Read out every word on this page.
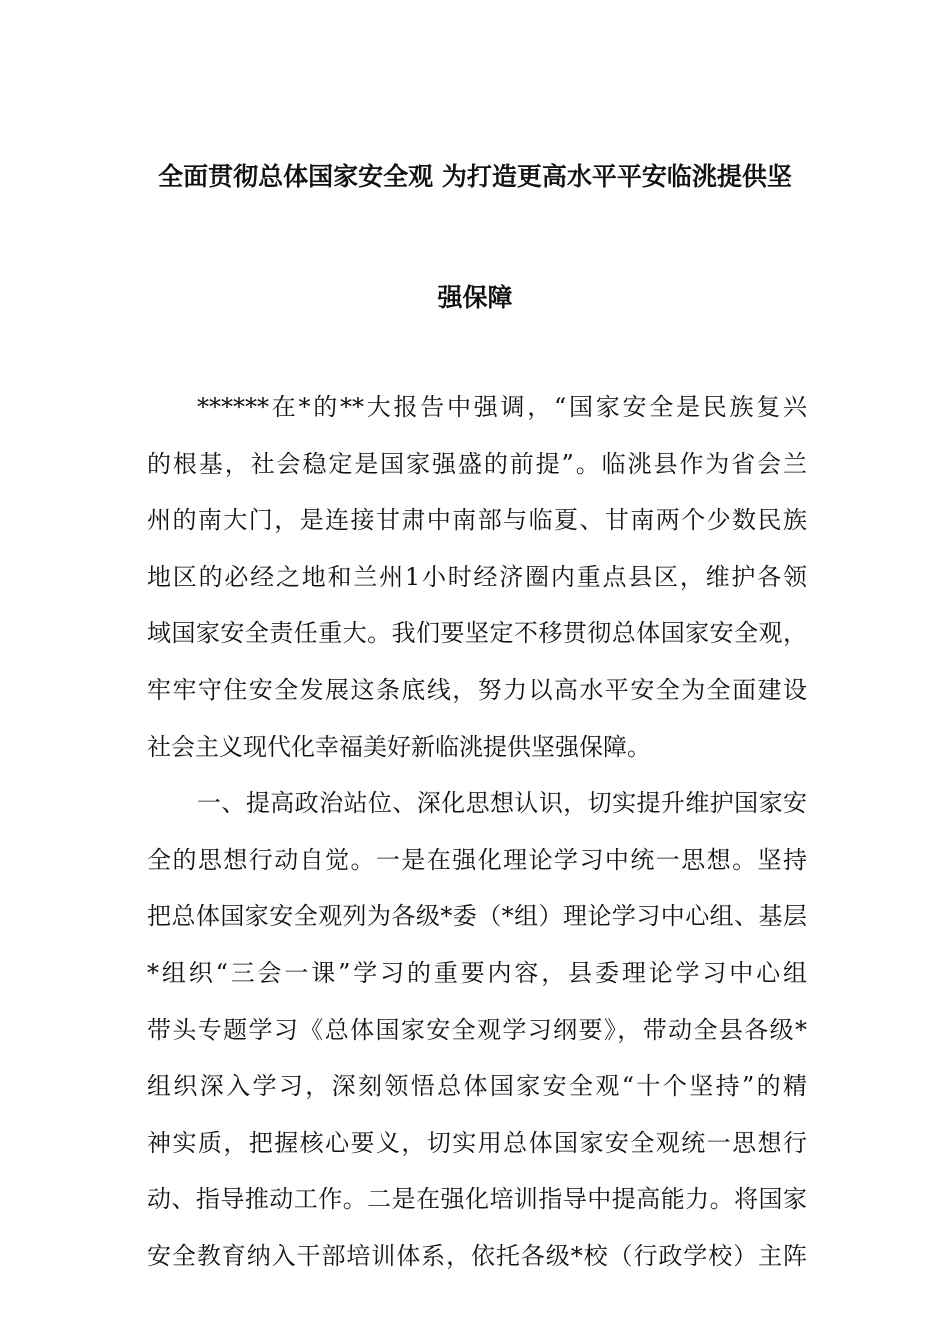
全面贯彻总体国家安全观 为打造更高水平平安临洮提供坚
强保障
******在*的**大报告中强调，“国家安全是民族复兴
的根基，社会稳定是国家强盛的前提”。临洮县作为省会兰
州的南大门，是连接甘肃中南部与临夏、甘南两个少数民族
地区的必经之地和兰州1小时经济圈内重点县区，维护各领
域国家安全责任重大。我们要坚定不移贯彻总体国家安全观，
牢牢守住安全发展这条底线，努力以高水平安全为全面建设
社会主义现代化幸福美好新临洮提供坚强保障。
一、提高政治站位、深化思想认识，切实提升维护国家安
全的思想行动自觉。一是在强化理论学习中统一思想。坚持
把总体国家安全观列为各级*委（*组）理论学习中心组、基层
*组织“三会一课”学习的重要内容，县委理论学习中心组
带头专题学习《总体国家安全观学习纲要》，带动全县各级*
组织深入学习，深刻领悟总体国家安全观“十个坚持”的精
神实质，把握核心要义，切实用总体国家安全观统一思想行
动、指导推动工作。二是在强化培训指导中提高能力。将国家
安全教育纳入干部培训体系，依托各级*校（行政学校）主阵
